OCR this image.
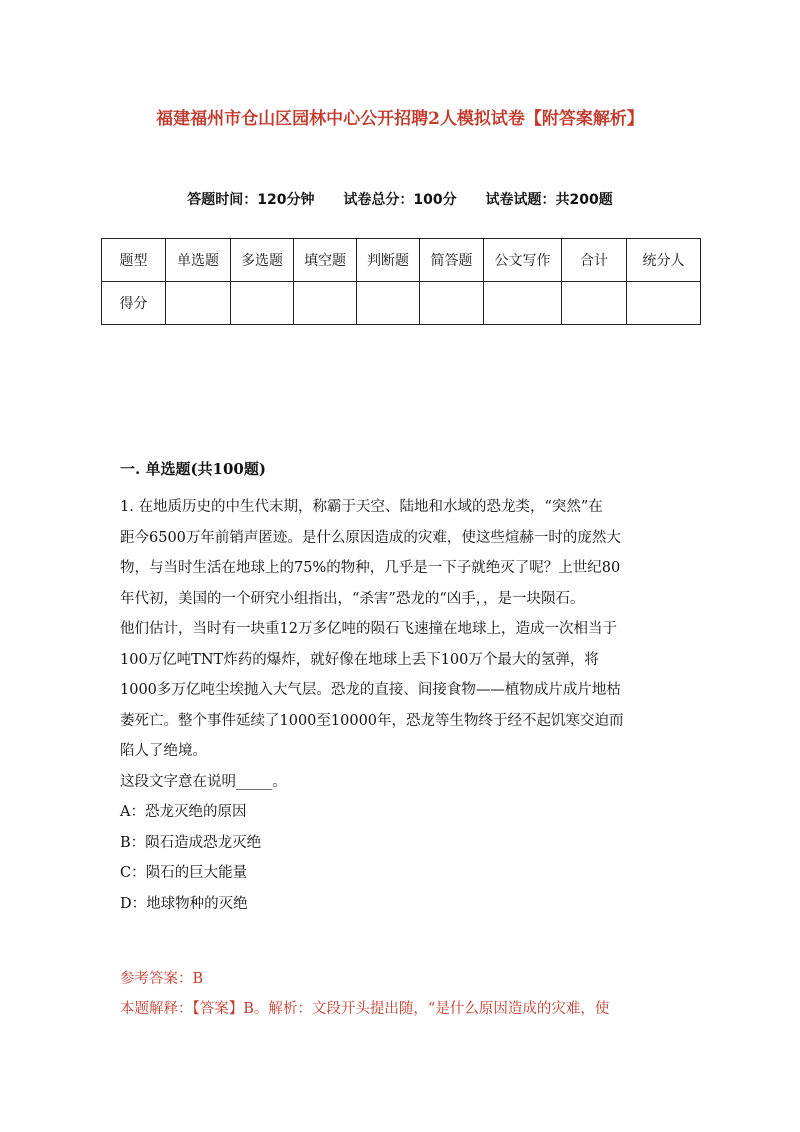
福建福州市仓山区园林中心公开招聘2人模拟试卷【附答案解析】
答题时间：120分钟 试卷总分：100分 试卷试题：共200题
题型	单选题	多选题	填空题	判断题	简答题	公文写作	合计	统分人
得分								
一. 单选题(共100题)
1. 在地质历史的中生代末期，称霸于天空、陆地和水域的恐龙类，“突然”在
距今6500万年前销声匿迹。是什么原因造成的灾难，使这些煊赫一时的庞然大
物，与当时生活在地球上的75%的物种，几乎是一下子就绝灭了呢？上世纪80
年代初，美国的一个研究小组指出，“杀害”恐龙的“凶手，，是一块陨石。
他们估计，当时有一块重12万多亿吨的陨石飞速撞在地球上，造成一次相当于
100万亿吨TNT炸药的爆炸，就好像在地球上丢下100万个最大的氢弹，将
1000多万亿吨尘埃抛入大气层。恐龙的直接、间接食物——植物成片成片地枯
萎死亡。整个事件延续了1000至10000年，恐龙等生物终于经不起饥寒交迫而
陷人了绝境。
这段文字意在说明_____。
A：恐龙灭绝的原因
B：陨石造成恐龙灭绝
C：陨石的巨大能量
D：地球物种的灭绝
参考答案：B
本题解释：【答案】B。解析：文段开头提出随，“是什么原因造成的灾难，使
